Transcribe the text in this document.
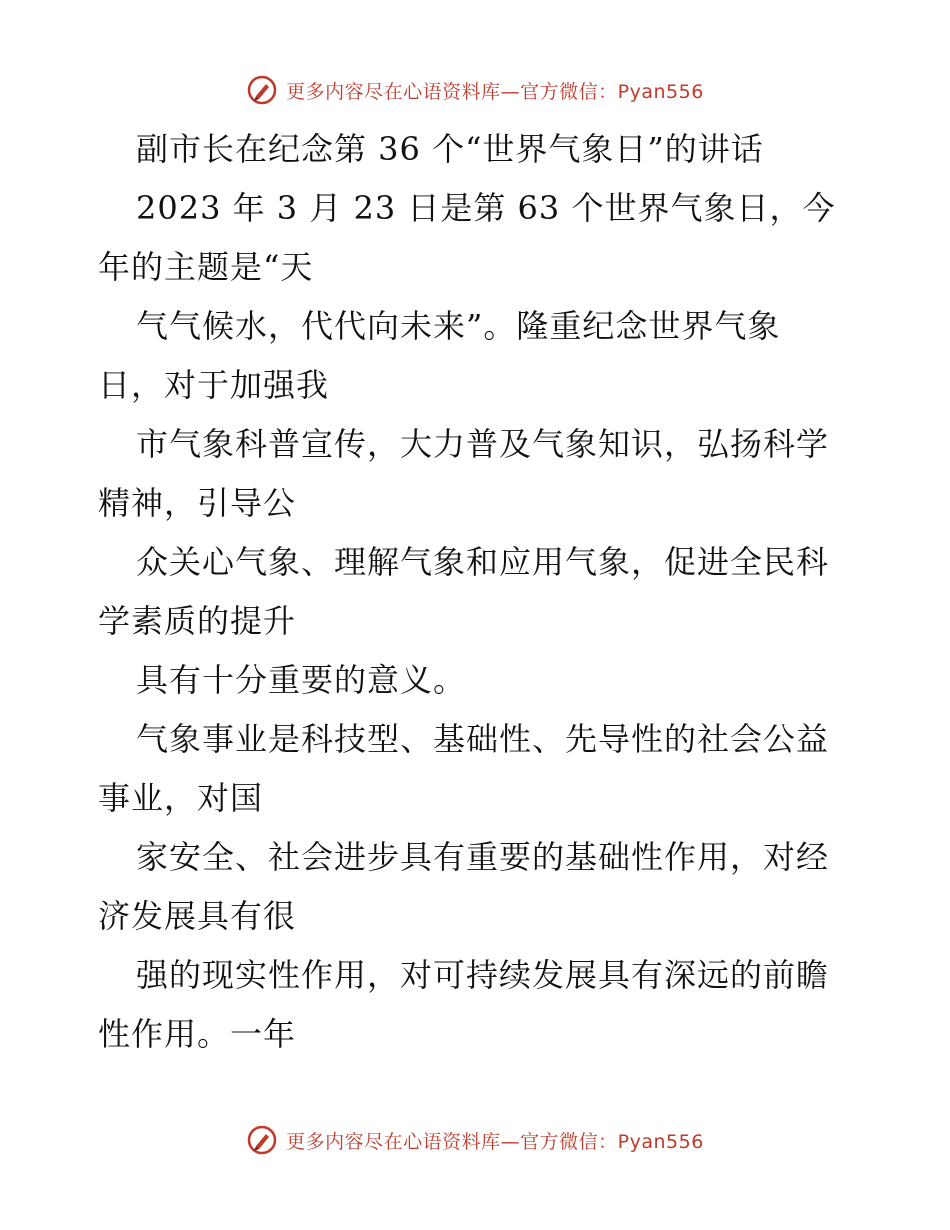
更多内容尽在心语资料库—官方微信：Pyan556
副市长在纪念第 36 个“世界气象日”的讲话
2023 年 3 月 23 日是第 63 个世界气象日，今
年的主题是“天
气气候水，代代向未来”。隆重纪念世界气象
日，对于加强我
市气象科普宣传，大力普及气象知识，弘扬科学
精神，引导公
众关心气象、理解气象和应用气象，促进全民科
学素质的提升
具有十分重要的意义。
气象事业是科技型、基础性、先导性的社会公益
事业，对国
家安全、社会进步具有重要的基础性作用，对经
济发展具有很
强的现实性作用，对可持续发展具有深远的前瞻
性作用。一年
更多内容尽在心语资料库—官方微信：Pyan556
